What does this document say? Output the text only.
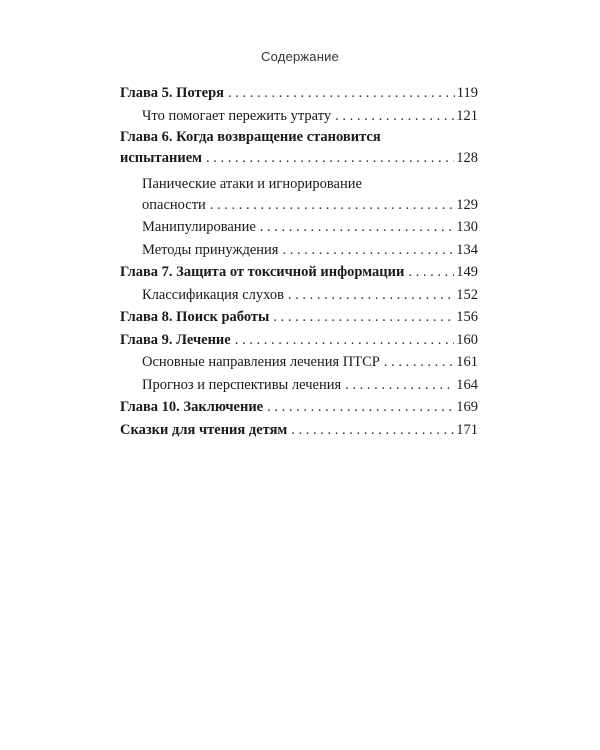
Содержание
Глава 5. Потеря . . .	119
Что помогает пережить утрату . . .	121
Глава 6. Когда возвращение становится
испытанием . . .	128
Панические атаки и игнорирование
опасности . . .	129
Манипулирование . . .	130
Методы принуждения . . .	134
Глава 7. Защита от токсичной информации . . .	149
Классификация слухов . . .	152
Глава 8. Поиск работы . . .	156
Глава 9. Лечение . . .	160
Основные направления лечения ПТСР . . .	161
Прогноз и перспективы лечения . . .	164
Глава 10. Заключение . . .	169
Сказки для чтения детям . . .	171
